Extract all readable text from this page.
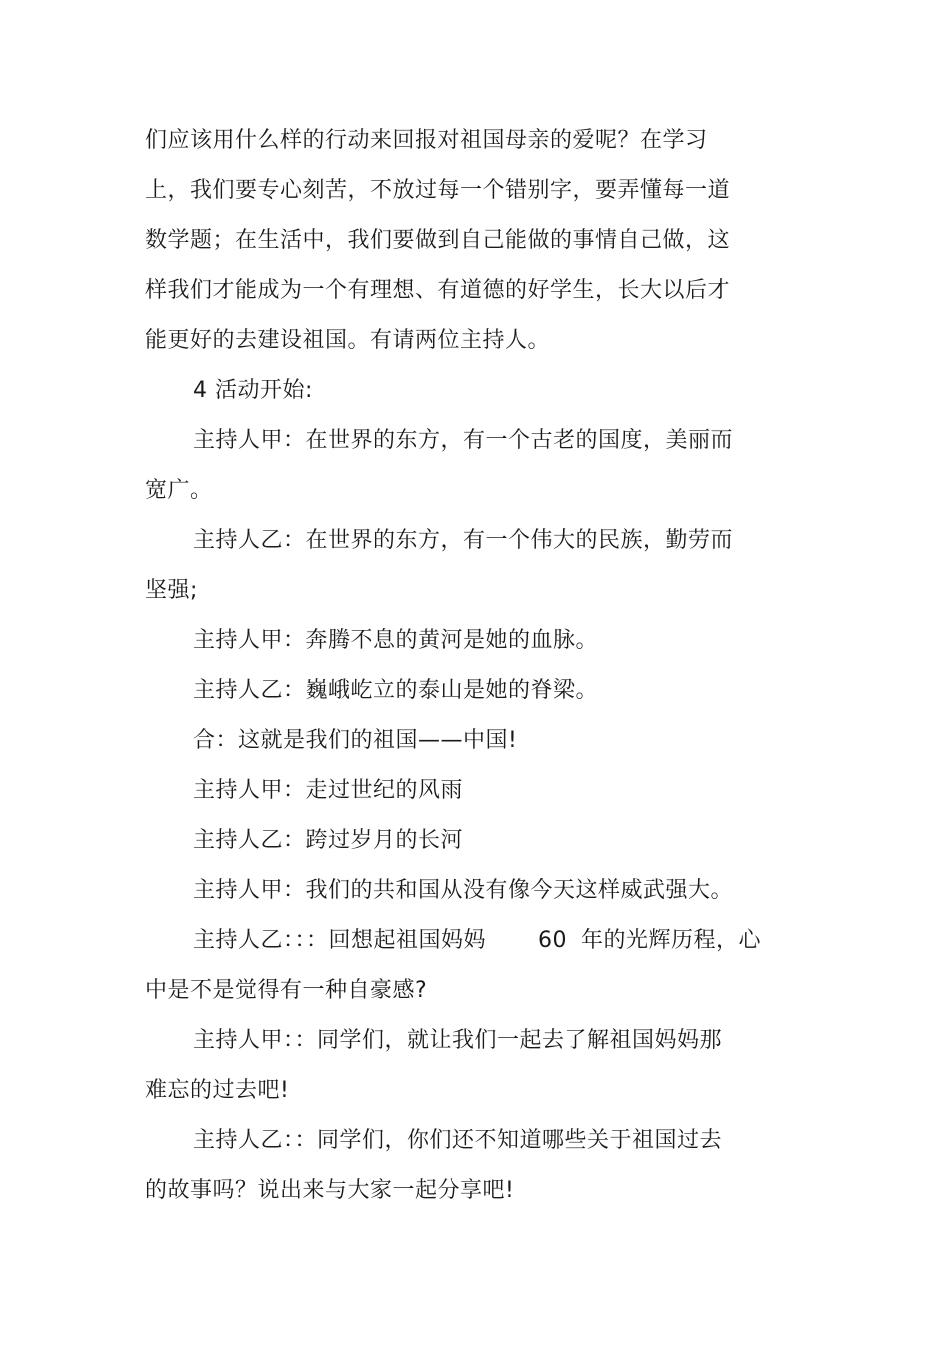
们应该用什么样的行动来回报对祖国母亲的爱呢？在学习
上，我们要专心刻苦，不放过每一个错别字，要弄懂每一道
数学题；在生活中，我们要做到自己能做的事情自己做，这
样我们才能成为一个有理想、有道德的好学生，长大以后才
能更好的去建设祖国。有请两位主持人。
4 活动开始:
主持人甲：在世界的东方，有一个古老的国度，美丽而
宽广。
主持人乙：在世界的东方，有一个伟大的民族，勤劳而
坚强;
主持人甲：奔腾不息的黄河是她的血脉。
主持人乙：巍峨屹立的泰山是她的脊梁。
合：这就是我们的祖国——中国!
主持人甲：走过世纪的风雨
主持人乙：跨过岁月的长河
主持人甲：我们的共和国从没有像今天这样威武强大。
主持人乙：：：回想起祖国妈妈 60 年的光辉历程，心
中是不是觉得有一种自豪感?
主持人甲：：同学们，就让我们一起去了解祖国妈妈那
难忘的过去吧!
主持人乙：：同学们，你们还不知道哪些关于祖国过去
的故事吗？说出来与大家一起分享吧!
